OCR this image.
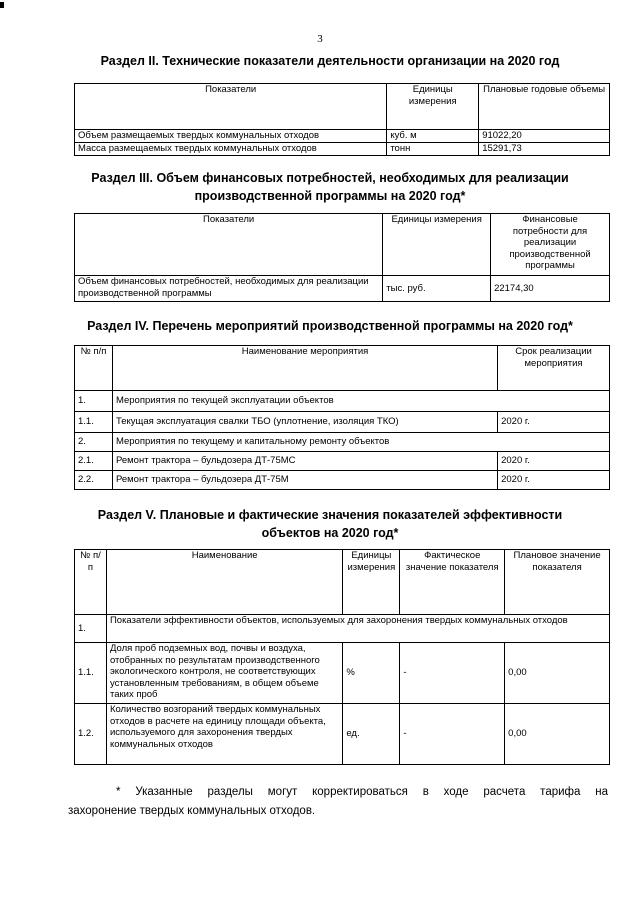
3
Раздел II. Технические показатели деятельности организации на 2020 год
Показатели	Единицы измерения	Плановые годовые объемы
Объем размещаемых твердых коммунальных отходов	куб. м	91022,20
Масса размещаемых твердых коммунальных отходов	тонн	15291,73
Раздел III. Объем финансовых потребностей, необходимых для реализации
производственной программы на 2020 год*
Показатели	Единицы измерения	Финансовые потребности для реализации производственной программы
Объем финансовых потребностей, необходимых для реализации производственной программы	тыс. руб.	22174,30
Раздел IV. Перечень мероприятий производственной программы на 2020 год*
№ п/п	Наименование мероприятия	Срок реализации мероприятия
1.	Мероприятия по текущей эксплуатации объектов	
1.1.	Текущая эксплуатация свалки ТБО (уплотнение, изоляция ТКО)	2020 г.
2.	Мероприятия по текущему и капитальному ремонту объектов	
2.1.	Ремонт трактора – бульдозера ДТ-75МС	2020 г.
2.2.	Ремонт трактора – бульдозера ДТ-75М	2020 г.
Раздел V. Плановые и фактические значения показателей эффективности
объектов на 2020 год*
№ п/п	Наименование	Единицы измерения	Фактическое значение показателя	Плановое значение показателя
1.	Показатели эффективности объектов, используемых для захоронения твердых коммунальных отходов			
1.1.	Доля проб подземных вод, почвы и воздуха, отобранных по результатам производственного экологического контроля, не соответствующих установленным требованиям, в общем объеме таких проб	%	-	0,00
1.2.	Количество возгораний твердых коммунальных отходов в расчете на единицу площади объекта, используемого для захоронения твердых коммунальных отходов	ед.	-	0,00
* Указанные разделы могут корректироваться в ходе расчета тарифа на
захоронение твердых коммунальных отходов.
